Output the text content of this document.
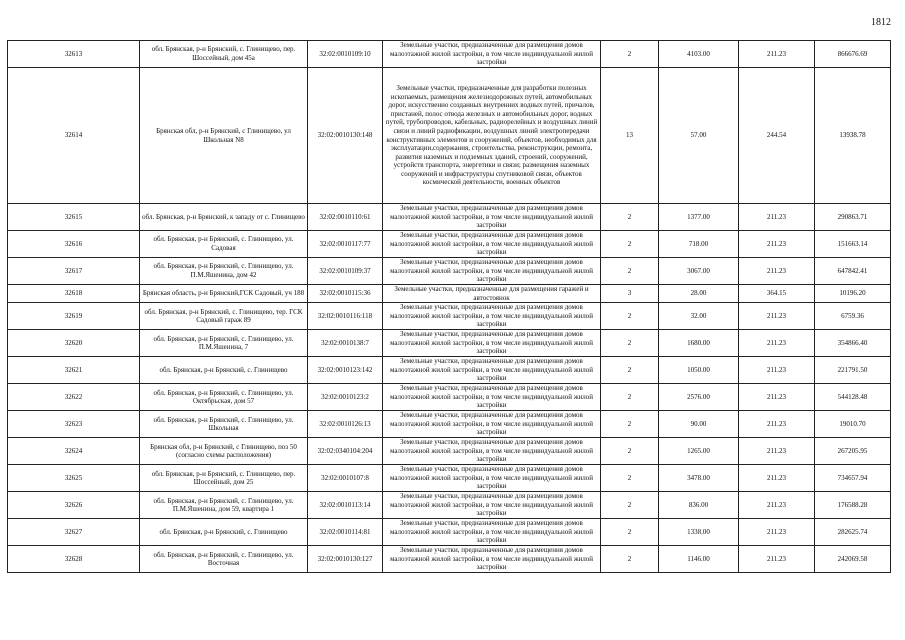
1812
32613	обл. Брянская, р-н Брянский, с. Глинищево, пер. Шоссейный, дом 45а	32:02:0010109:10	Земельные участки, предназначенные для размещения домов малоэтажной жилой застройки, в том числе индивидуальной жилой застройки	2	4103.00	211.23	866676.69
32614	Брянская обл, р-н Брянский, с Глинищево, ул Школьная N8	32:02:0010130:148	Земельные участки, предназначенные для разработки полезных ископаемых, размещения железнодорожных путей, автомобильных дорог, искусственно созданных внутренних водных путей, причалов, пристаней, полос отвода железных и автомобильных дорог, водных путей, трубопроводов, кабельных, радиорелейных и воздушных линий связи и линий радиофикации, воздушных линий электропередачи конструктивных элементов и сооружений, объектов, необходимых для эксплуатации,содержания, строительства, реконструкции, ремонта, развития наземных и подземных зданий, строений, сооружений, устройств транспорта, энергетики и связи; размещения наземных сооружений и инфраструктуры спутниковой связи, объектов космической деятельности, военных объектов	13	57.00	244.54	13938.78
32615	обл. Брянская, р-н Брянский, к западу от с. Глинищево	32:02:0010110:61	Земельные участки, предназначенные для размещения домов малоэтажной жилой застройки, в том числе индивидуальной жилой застройки	2	1377.00	211.23	290863.71
32616	обл. Брянская, р-н Брянский, с. Глинищево, ул. Садовая	32:02:0010117:77	Земельные участки, предназначенные для размещения домов малоэтажной жилой застройки, в том числе индивидуальной жилой застройки	2	718.00	211.23	151663.14
32617	обл. Брянская, р-н Брянский, с. Глинищево, ул. П.М.Яшенина, дом 42	32:02:0010109:37	Земельные участки, предназначенные для размещения домов малоэтажной жилой застройки, в том числе индивидуальной жилой застройки	2	3067.00	211.23	647842.41
32618	Брянская область, р-н Брянский,ГСК Садовый, уч 188	32:02:0010115:36	Земельные участки, предназначенные для размещения гаражей и автостоянок	3	28.00	364.15	10196.20
32619	обл. Брянская, р-н Брянский, с. Глинищево, тер. ГСК Садовый гараж 89	32:02:0010116:118	Земельные участки, предназначенные для размещения домов малоэтажной жилой застройки, в том числе индивидуальной жилой застройки	2	32.00	211.23	6759.36
32620	обл. Брянская, р-н Брянский, с. Глинищево, ул. П.М.Яшенина, 7	32:02:0010138:7	Земельные участки, предназначенные для размещения домов малоэтажной жилой застройки, в том числе индивидуальной жилой застройки	2	1680.00	211.23	354866.40
32621	обл. Брянская, р-н Брянский, с. Глинищево	32:02:0010123:142	Земельные участки, предназначенные для размещения домов малоэтажной жилой застройки, в том числе индивидуальной жилой застройки	2	1050.00	211.23	221791.50
32622	обл. Брянская, р-н Брянский, с. Глинищево, ул. Октябрьская, дом 57	32:02:0010123:2	Земельные участки, предназначенные для размещения домов малоэтажной жилой застройки, в том числе индивидуальной жилой застройки	2	2576.00	211.23	544128.48
32623	обл. Брянская, р-н Брянский, с. Глинищево, ул. Школьная	32:02:0010126:13	Земельные участки, предназначенные для размещения домов малоэтажной жилой застройки, в том числе индивидуальной жилой застройки	2	90.00	211.23	19010.70
32624	Брянская обл, р-н Брянский, с Глинищево, поз 50 (согласно схемы расположения)	32:02:0340104:204	Земельные участки, предназначенные для размещения домов малоэтажной жилой застройки, в том числе индивидуальной жилой застройки	2	1265.00	211.23	267205.95
32625	обл. Брянская, р-н Брянский, с. Глинищево, пер. Шоссейный, дом 25	32:02:0010107:8	Земельные участки, предназначенные для размещения домов малоэтажной жилой застройки, в том числе индивидуальной жилой застройки	2	3478.00	211.23	734657.94
32626	обл. Брянская, р-н Брянский, с. Глинищево, ул. П.М.Яшенина, дом 59, квартира 1	32:02:0010113:14	Земельные участки, предназначенные для размещения домов малоэтажной жилой застройки, в том числе индивидуальной жилой застройки	2	836.00	211.23	176588.28
32627	обл. Брянская, р-н Брянский, с. Глинищево	32:02:0010114:81	Земельные участки, предназначенные для размещения домов малоэтажной жилой застройки, в том числе индивидуальной жилой застройки	2	1338.00	211.23	282625.74
32628	обл. Брянская, р-н Брянский, с. Глинищево, ул. Восточная	32:02:0010130:127	Земельные участки, предназначенные для размещения домов малоэтажной жилой застройки, в том числе индивидуальной жилой застройки	2	1146.00	211.23	242069.58
